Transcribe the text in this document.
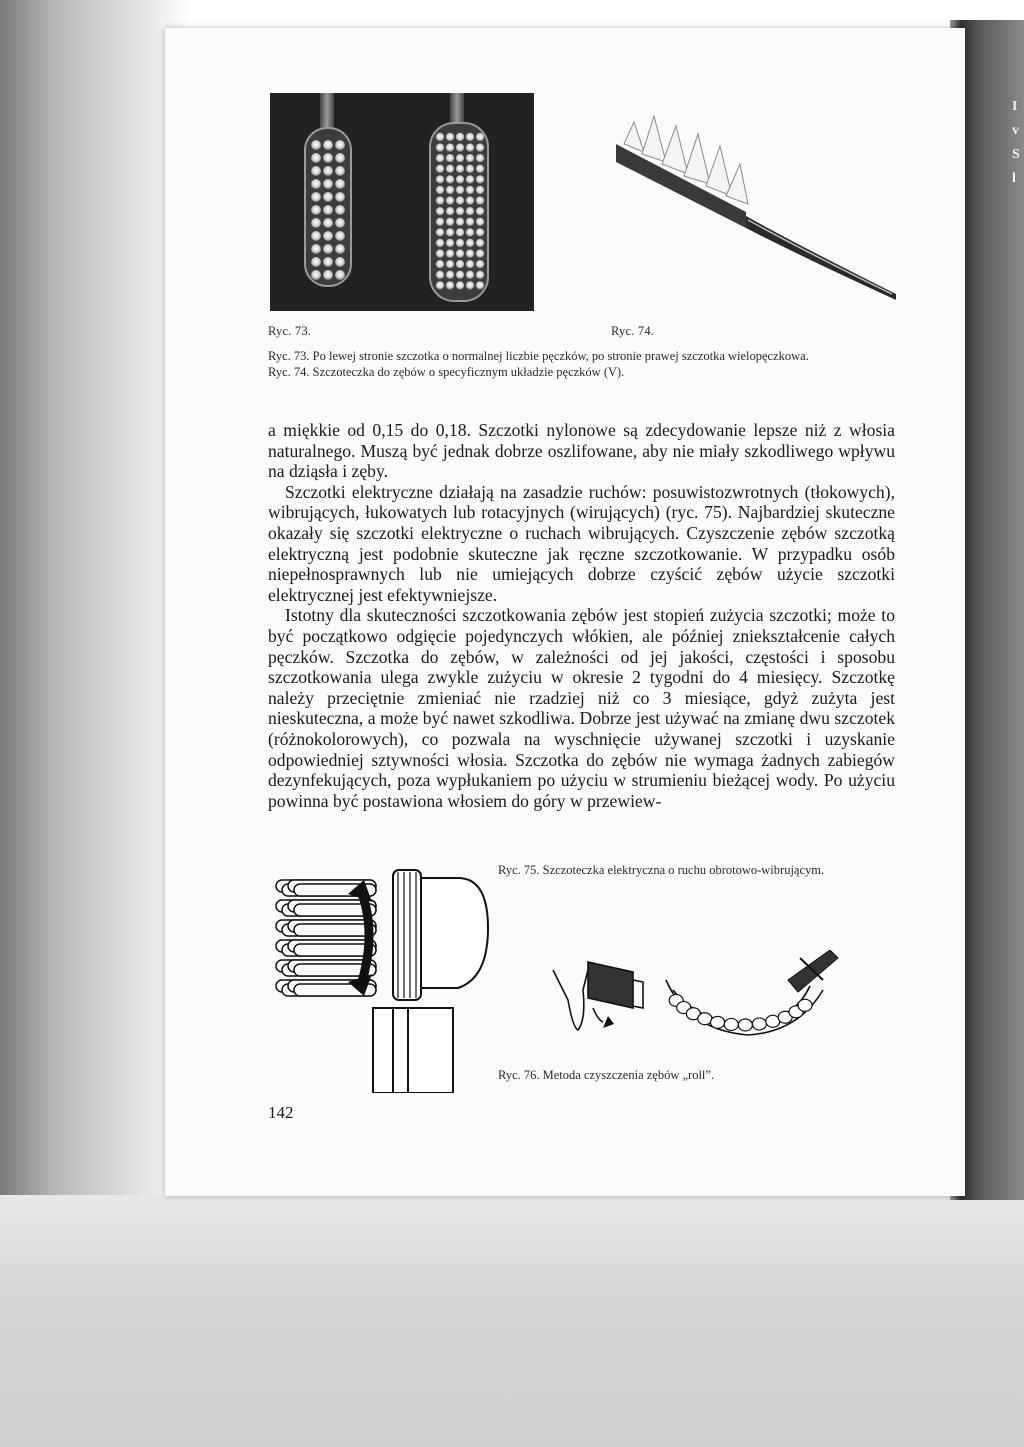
Ryc. 73.	Ryc. 74.

Ryc. 73. Po lewej stronie szczotka o normalnej liczbie pęczków, po stronie prawej szczotka wielopęczkowa.

Ryc. 74. Szczoteczka do zębów o specyficznym układzie pęczków (V).

a miękkie od 0,15 do 0,18. Szczotki nylonowe są zdecydowanie lepsze niż z włosia naturalnego. Muszą być jednak dobrze oszlifowane, aby nie miały szkodliwego wpływu na dziąsła i zęby.

Szczotki elektryczne działają na zasadzie ruchów: posuwistozwrotnych (tłokowych), wibrujących, łukowatych lub rotacyjnych (wirujących) (ryc. 75). Najbardziej skuteczne okazały się szczotki elektryczne o ruchach wibrujących. Czyszczenie zębów szczotką elektryczną jest podobnie skuteczne jak ręczne szczotkowanie. W przypadku osób niepełnosprawnych lub nie umiejących dobrze czyścić zębów użycie szczotki elektrycznej jest efektywniejsze.

Istotny dla skuteczności szczotkowania zębów jest stopień zużycia szczotki; może to być początkowo odgięcie pojedynczych włókien, ale później zniekształcenie całych pęczków. Szczotka do zębów, w zależności od jej jakości, częstości i sposobu szczotkowania ulega zwykle zużyciu w okresie 2 tygodni do 4 miesięcy. Szczotkę należy przeciętnie zmieniać nie rzadziej niż co 3 miesiące, gdyż zużyta jest nieskuteczna, a może być nawet szkodliwa. Dobrze jest używać na zmianę dwu szczotek (różnokolorowych), co pozwala na wyschnięcie używanej szczotki i uzyskanie odpowiedniej sztywności włosia. Szczotka do zębów nie wymaga żadnych zabiegów dezynfekujących, poza wypłukaniem po użyciu w strumieniu bieżącej wody. Po użyciu powinna być postawiona włosiem do góry w przewiew-

Ryc. 75. Szczoteczka elektryczna o ruchu obrotowo-wibrującym.
Ryc. 76. Metoda czyszczenia zębów „roll”.
142
I
v
S
l
